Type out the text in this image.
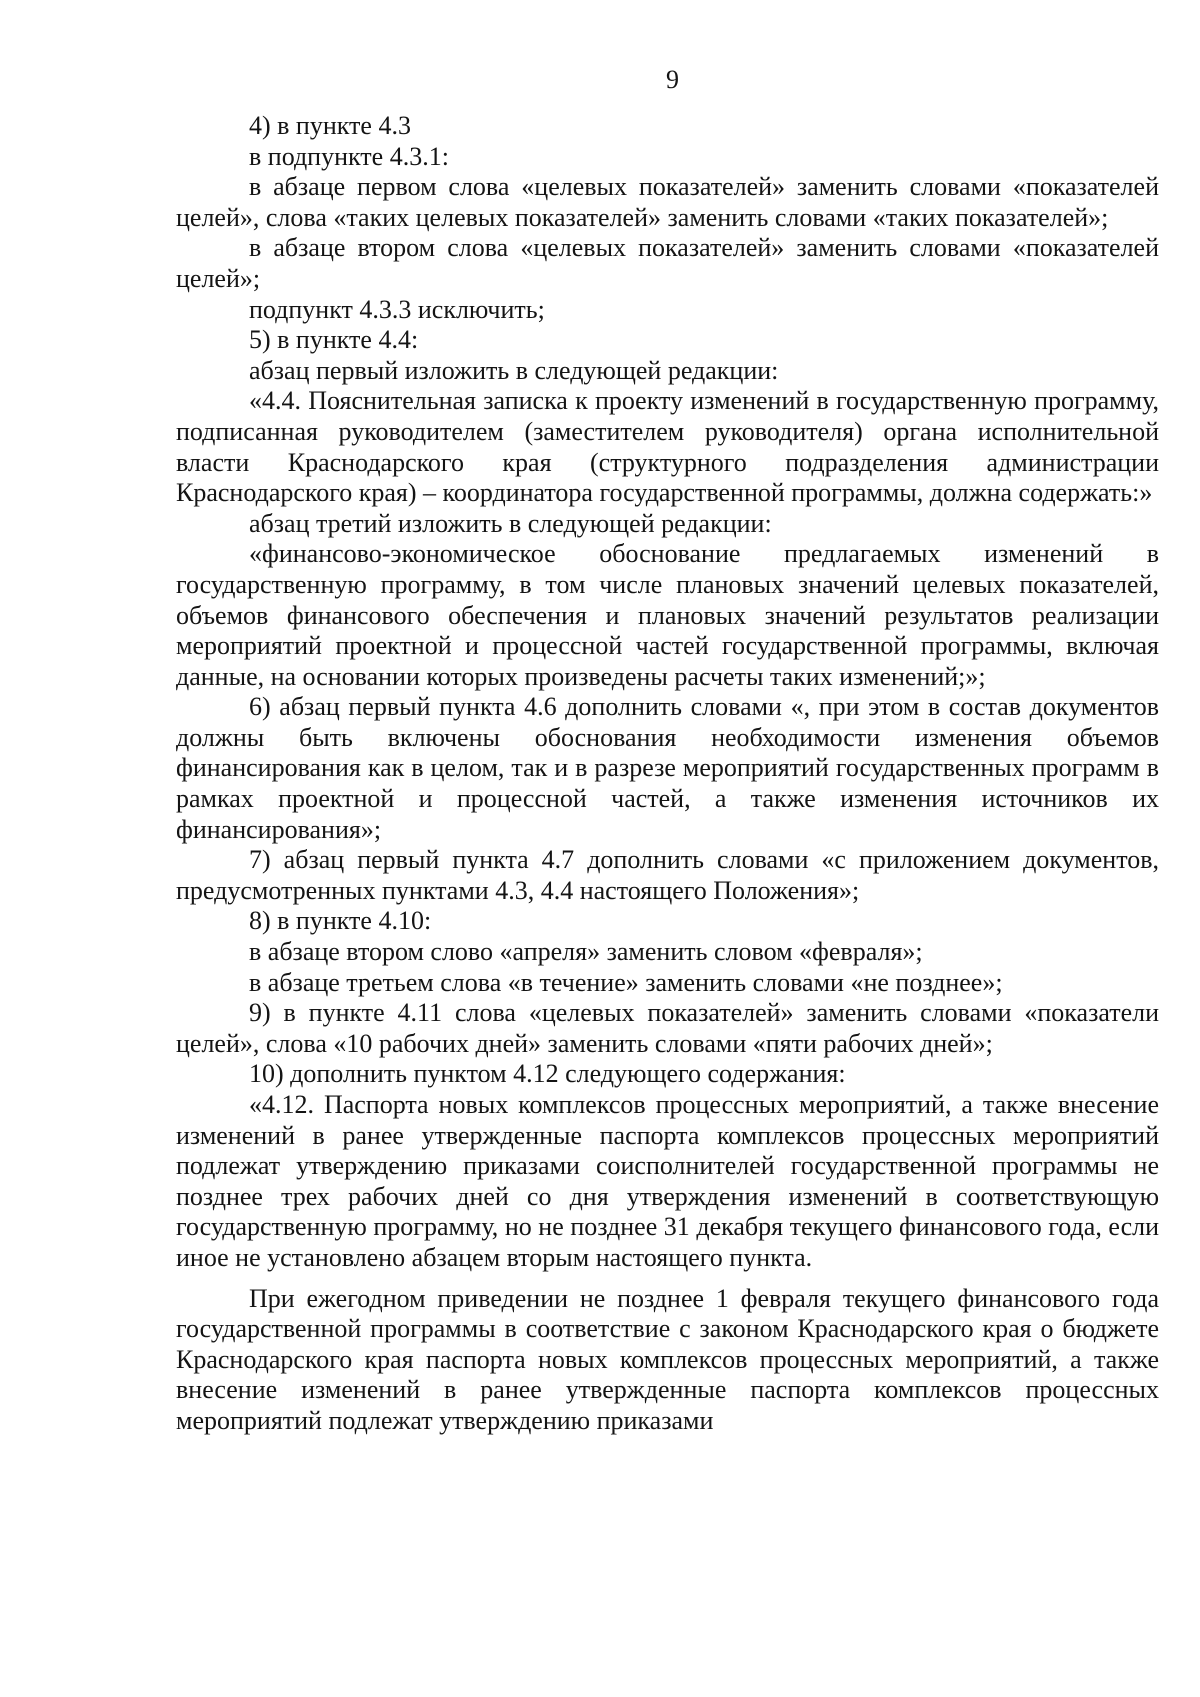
9

4) в пункте 4.3

в подпункте 4.3.1:

в абзаце первом слова «целевых показателей» заменить словами «показателей целей», слова «таких целевых показателей» заменить словами «таких показателей»;

в абзаце втором слова «целевых показателей» заменить словами «показателей целей»;

подпункт 4.3.3 исключить;

5) в пункте 4.4:

абзац первый изложить в следующей редакции:

«4.4. Пояснительная записка к проекту изменений в государственную программу, подписанная руководителем (заместителем руководителя) органа исполнительной власти Краснодарского края (структурного подразделения администрации Краснодарского края) – координатора государственной программы, должна содержать:»

абзац третий изложить в следующей редакции:

«финансово-экономическое обоснование предлагаемых изменений в государственную программу, в том числе плановых значений целевых показателей, объемов финансового обеспечения и плановых значений результатов реализации мероприятий проектной и процессной частей государственной программы, включая данные, на основании которых произведены расчеты таких изменений;»;

6) абзац первый пункта 4.6 дополнить словами «, при этом в состав документов должны быть включены обоснования необходимости изменения объемов финансирования как в целом, так и в разрезе мероприятий государственных программ в рамках проектной и процессной частей, а также изменения источников их финансирования»;

7) абзац первый пункта 4.7 дополнить словами «с приложением документов, предусмотренных пунктами 4.3, 4.4 настоящего Положения»;

8) в пункте 4.10:

в абзаце втором слово «апреля» заменить словом «февраля»;

в абзаце третьем слова «в течение» заменить словами «не позднее»;

9) в пункте 4.11 слова «целевых показателей» заменить словами «показатели целей», слова «10 рабочих дней» заменить словами «пяти рабочих дней»;

10) дополнить пунктом 4.12 следующего содержания:

«4.12. Паспорта новых комплексов процессных мероприятий, а также внесение изменений в ранее утвержденные паспорта комплексов процессных мероприятий подлежат утверждению приказами соисполнителей государственной программы не позднее трех рабочих дней со дня утверждения изменений в соответствующую государственную программу, но не позднее 31 декабря текущего финансового года, если иное не установлено абзацем вторым настоящего пункта.

При ежегодном приведении не позднее 1 февраля текущего финансового года государственной программы в соответствие с законом Краснодарского края о бюджете Краснодарского края паспорта новых комплексов процессных мероприятий, а также внесение изменений в ранее утвержденные паспорта комплексов процессных мероприятий подлежат утверждению приказами
